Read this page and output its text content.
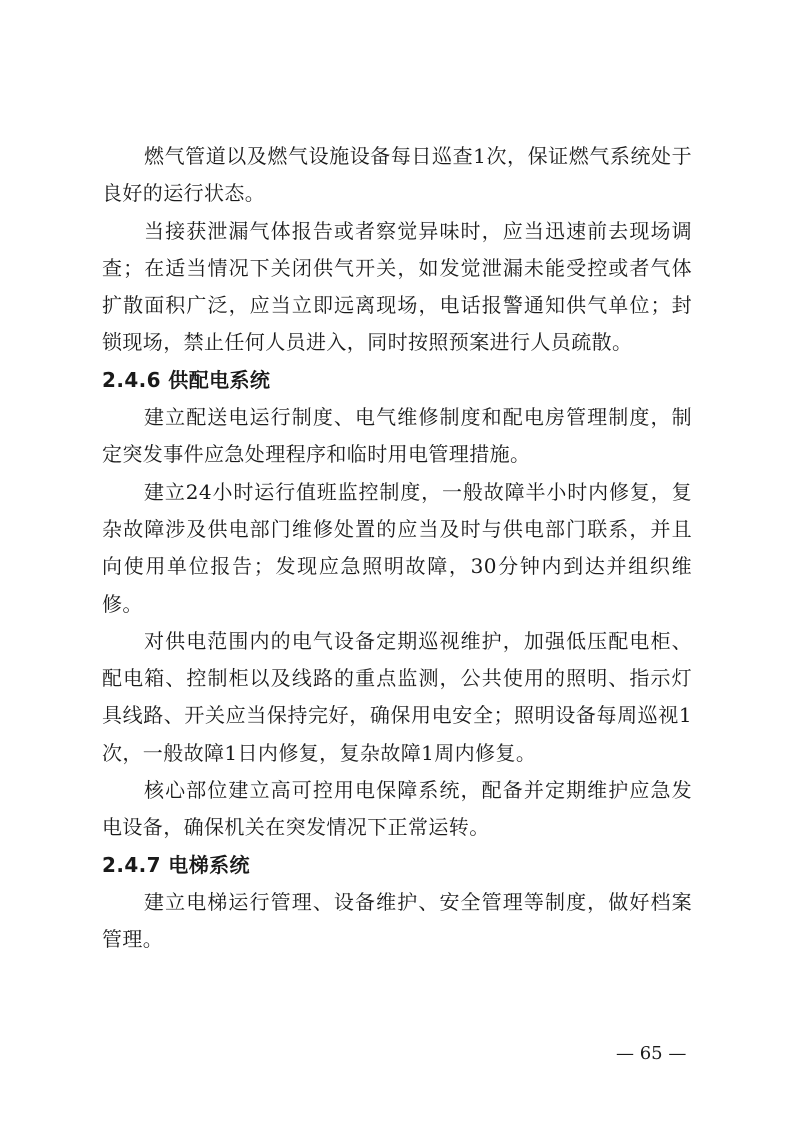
燃气管道以及燃气设施设备每日巡查1次，保证燃气系统处于良好的运行状态。

当接获泄漏气体报告或者察觉异味时，应当迅速前去现场调查；在适当情况下关闭供气开关，如发觉泄漏未能受控或者气体扩散面积广泛，应当立即远离现场，电话报警通知供气单位；封锁现场，禁止任何人员进入，同时按照预案进行人员疏散。

2.4.6 供配电系统

建立配送电运行制度、电气维修制度和配电房管理制度，制定突发事件应急处理程序和临时用电管理措施。

建立24小时运行值班监控制度，一般故障半小时内修复，复杂故障涉及供电部门维修处置的应当及时与供电部门联系，并且向使用单位报告；发现应急照明故障，30分钟内到达并组织维修。

对供电范围内的电气设备定期巡视维护，加强低压配电柜、配电箱、控制柜以及线路的重点监测，公共使用的照明、指示灯具线路、开关应当保持完好，确保用电安全；照明设备每周巡视1次，一般故障1日内修复，复杂故障1周内修复。

核心部位建立高可控用电保障系统，配备并定期维护应急发电设备，确保机关在突发情况下正常运转。

2.4.7 电梯系统

建立电梯运行管理、设备维护、安全管理等制度，做好档案管理。

— 65 —
